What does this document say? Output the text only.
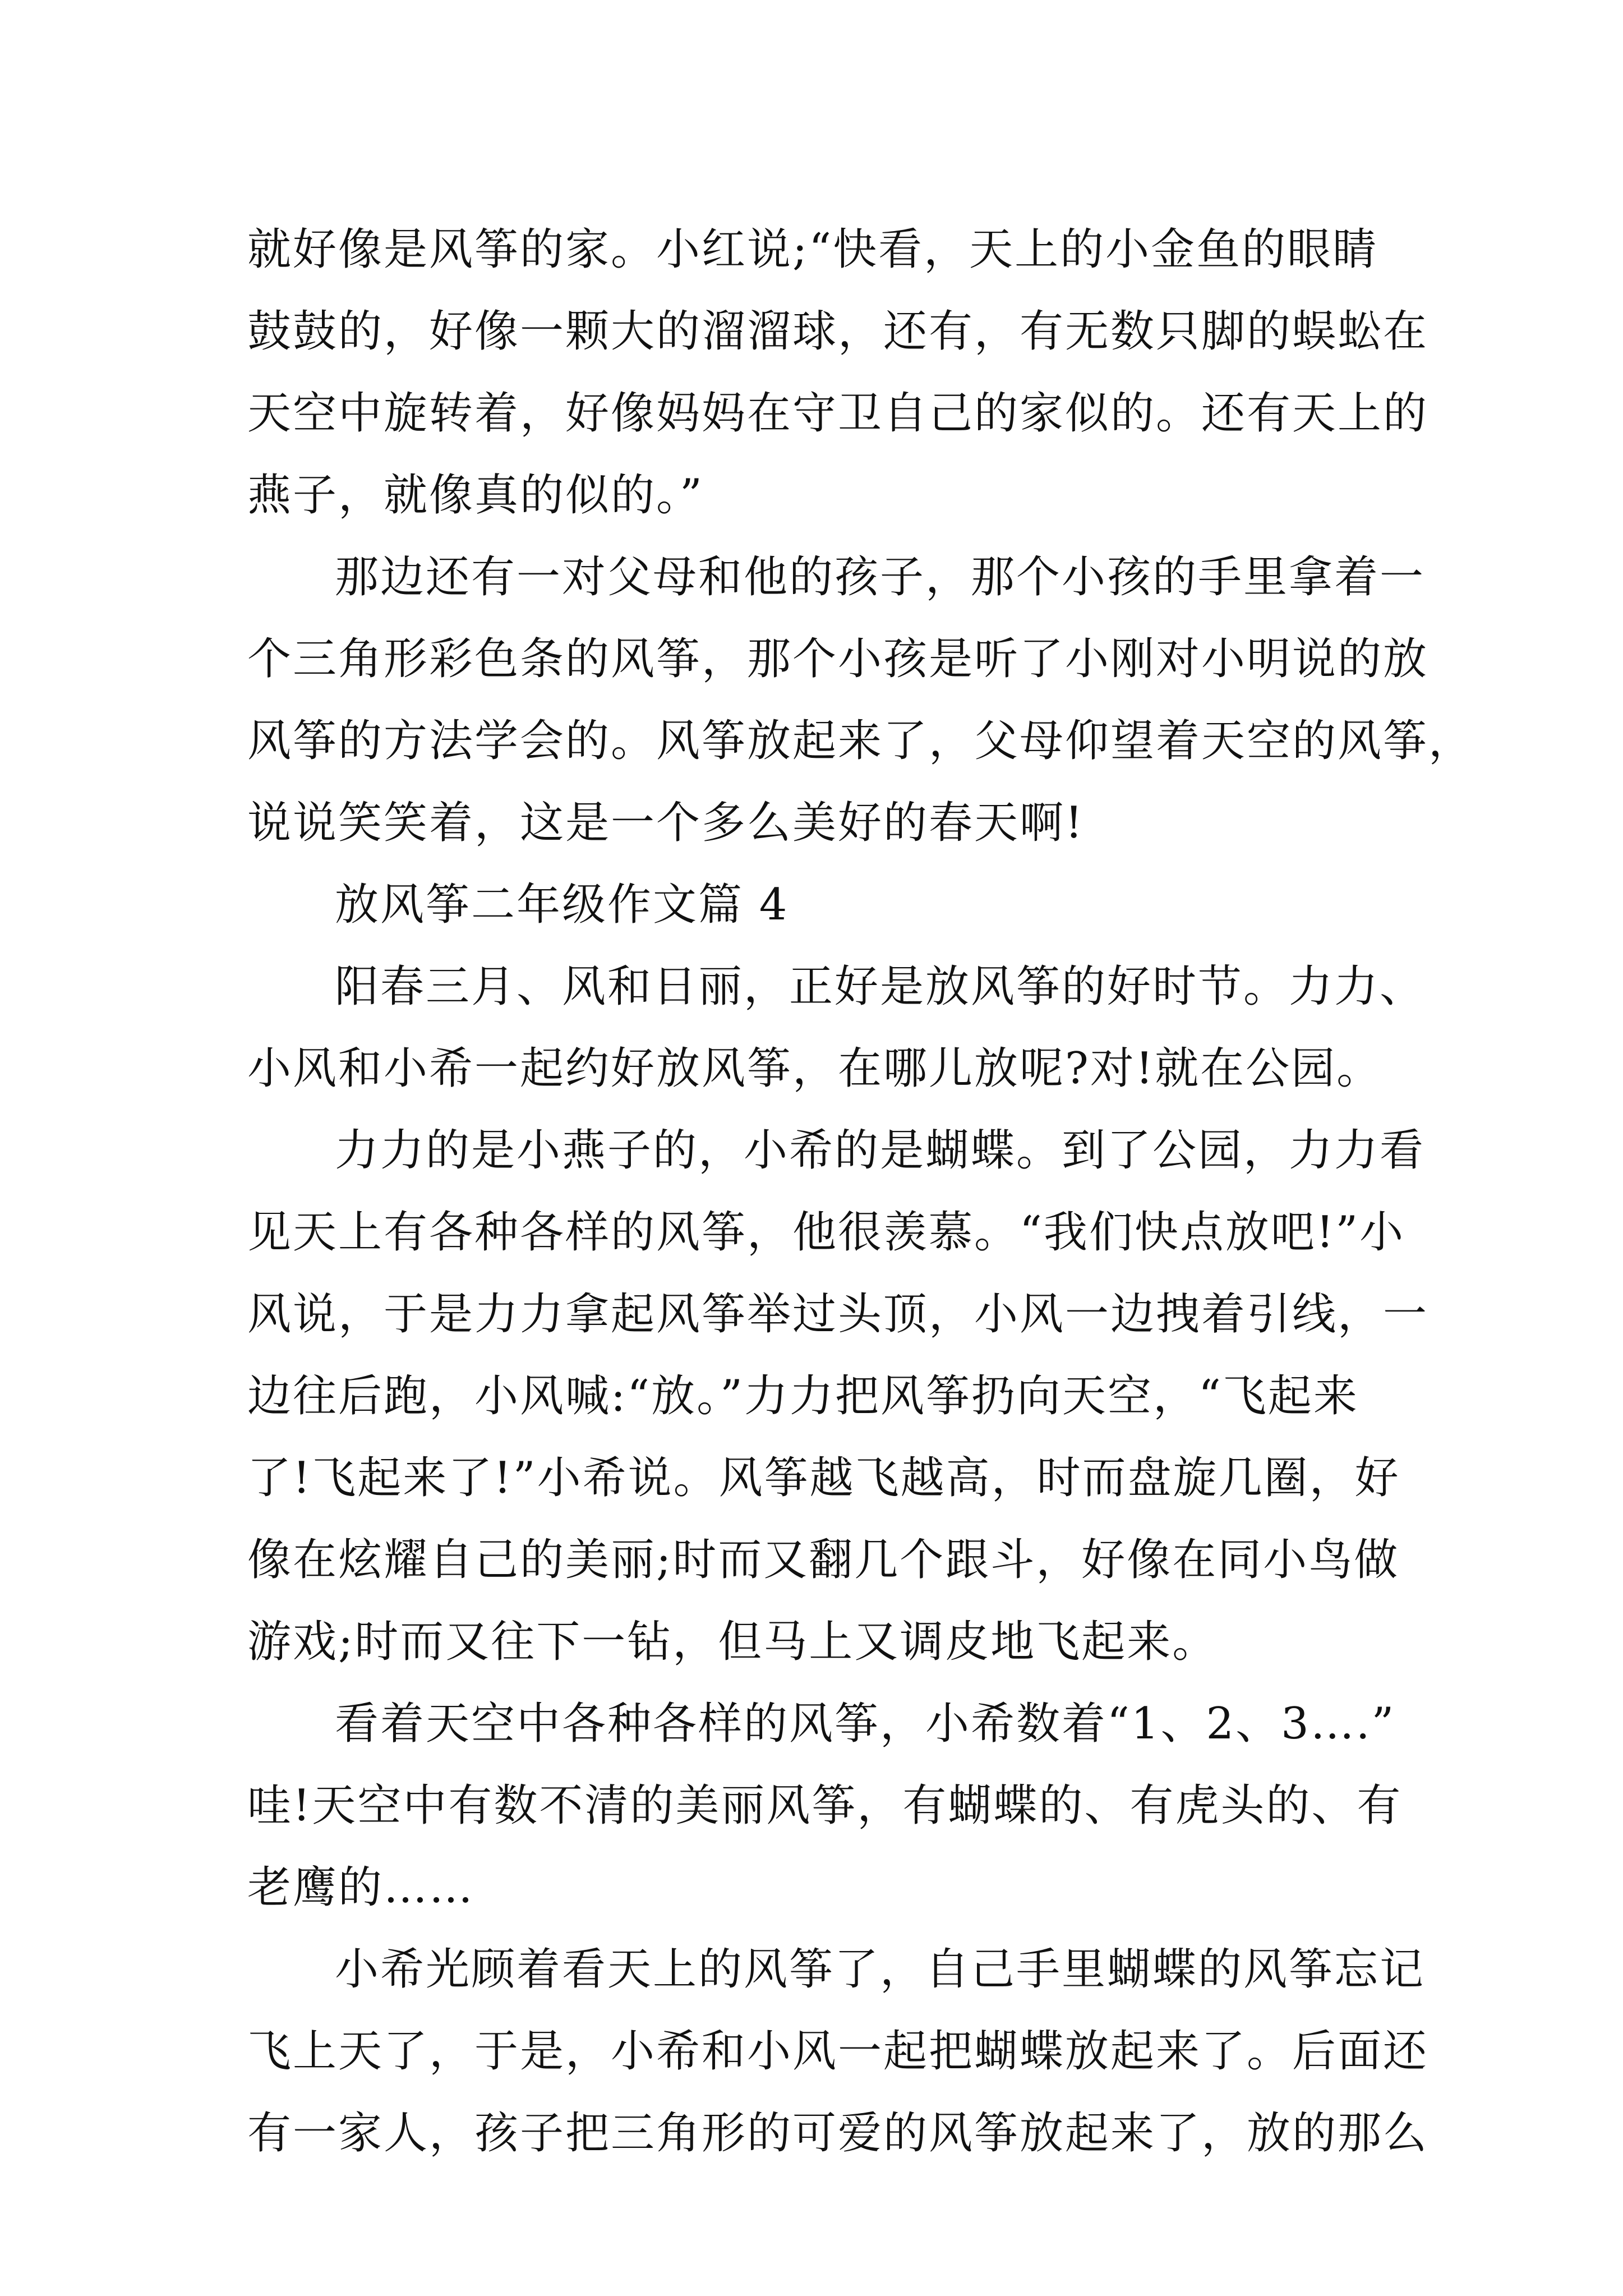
就好像是风筝的家。小红说;“快看，天上的小金鱼的眼睛
鼓鼓的，好像一颗大的溜溜球，还有，有无数只脚的蜈蚣在
天空中旋转着，好像妈妈在守卫自己的家似的。还有天上的
燕子，就像真的似的。”
那边还有一对父母和他的孩子，那个小孩的手里拿着一
个三角形彩色条的风筝，那个小孩是听了小刚对小明说的放
风筝的方法学会的。风筝放起来了，父母仰望着天空的风筝，
说说笑笑着，这是一个多么美好的春天啊!
放风筝二年级作文篇 4
阳春三月、风和日丽，正好是放风筝的好时节。力力、
小风和小希一起约好放风筝，在哪儿放呢?对!就在公园。
力力的是小燕子的，小希的是蝴蝶。到了公园，力力看
见天上有各种各样的风筝，他很羡慕。“我们快点放吧!”小
风说，于是力力拿起风筝举过头顶，小风一边拽着引线，一
边往后跑，小风喊:“放。”力力把风筝扔向天空，“飞起来
了!飞起来了!”小希说。风筝越飞越高，时而盘旋几圈，好
像在炫耀自己的美丽;时而又翻几个跟斗，好像在同小鸟做
游戏;时而又往下一钻，但马上又调皮地飞起来。
看着天空中各种各样的风筝，小希数着“1、2、3….”
哇!天空中有数不清的美丽风筝，有蝴蝶的、有虎头的、有
老鹰的……
小希光顾着看天上的风筝了，自己手里蝴蝶的风筝忘记
飞上天了，于是，小希和小风一起把蝴蝶放起来了。后面还
有一家人，孩子把三角形的可爱的风筝放起来了，放的那么
